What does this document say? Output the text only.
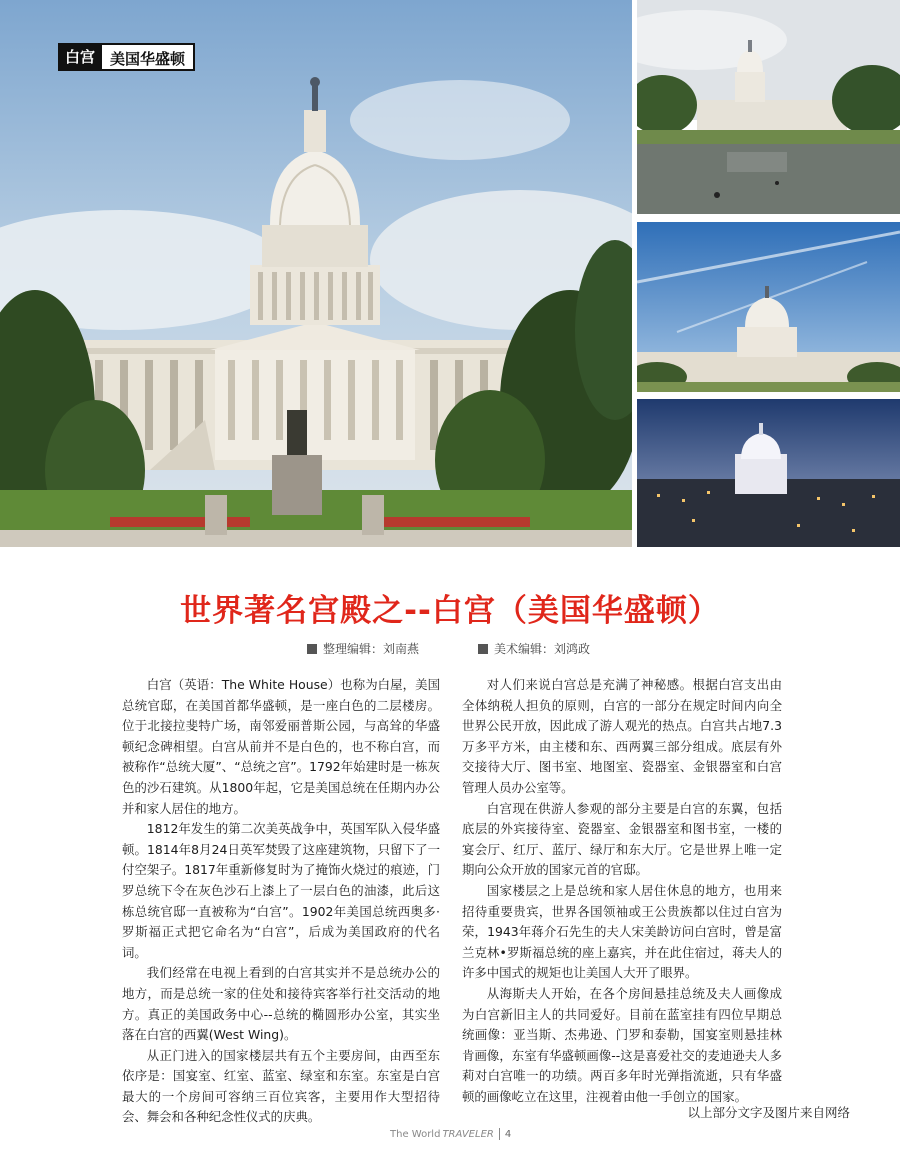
白宫	美国华盛顿
世界著名宫殿之--白宫（美国华盛顿）
整理编辑：刘南燕	美术编辑：刘鸿政

白宫（英语：The White House）也称为白屋，美国总统官邸，在美国首都华盛顿，是一座白色的二层楼房。位于北接拉斐特广场，南邻爱丽普斯公园，与高耸的华盛顿纪念碑相望。白宫从前并不是白色的，也不称白宫，而被称作“总统大厦”、“总统之宫”。1792年始建时是一栋灰色的沙石建筑。从1800年起，它是美国总统在任期内办公并和家人居住的地方。

1812年发生的第二次美英战争中，英国军队入侵华盛顿。1814年8月24日英军焚毁了这座建筑物，只留下了一付空架子。1817年重新修复时为了掩饰火烧过的痕迹，门罗总统下令在灰色沙石上漆上了一层白色的油漆，此后这栋总统官邸一直被称为“白宫”。1902年美国总统西奥多·罗斯福正式把它命名为“白宫”，后成为美国政府的代名词。

我们经常在电视上看到的白宫其实并不是总统办公的地方，而是总统一家的住处和接待宾客举行社交活动的地方。真正的美国政务中心--总统的椭圆形办公室，其实坐落在白宫的西翼(West Wing)。

从正门进入的国家楼层共有五个主要房间，由西至东依序是：国宴室、红室、蓝室、绿室和东室。东室是白宫最大的一个房间可容纳三百位宾客，主要用作大型招待会、舞会和各种纪念性仪式的庆典。

对人们来说白宫总是充满了神秘感。根据白宫支出由全体纳税人担负的原则，白宫的一部分在规定时间内向全世界公民开放，因此成了游人观光的热点。白宫共占地7.3万多平方米，由主楼和东、西两翼三部分组成。底层有外交接待大厅、图书室、地图室、瓷器室、金银器室和白宫管理人员办公室等。

白宫现在供游人参观的部分主要是白宫的东翼，包括底层的外宾接待室、瓷器室、金银器室和图书室，一楼的宴会厅、红厅、蓝厅、绿厅和东大厅。它是世界上唯一定期向公众开放的国家元首的官邸。

国家楼层之上是总统和家人居住休息的地方，也用来招待重要贵宾，世界各国领袖或王公贵族都以住过白宫为荣，1943年蒋介石先生的夫人宋美龄访问白宫时，曾是富兰克林•罗斯福总统的座上嘉宾，并在此住宿过，蒋夫人的许多中国式的规矩也让美国人大开了眼界。

从海斯夫人开始，在各个房间悬挂总统及夫人画像成为白宫新旧主人的共同爱好。目前在蓝室挂有四位早期总统画像：亚当斯、杰弗逊、门罗和泰勒，国宴室则悬挂林肯画像，东室有华盛顿画像--这是喜爱社交的麦迪逊夫人多莉对白宫唯一的功绩。两百多年时光弹指流逝，只有华盛顿的画像屹立在这里，注视着由他一手创立的国家。

以上部分文字及图片来自网络
The World TRAVELER 4
